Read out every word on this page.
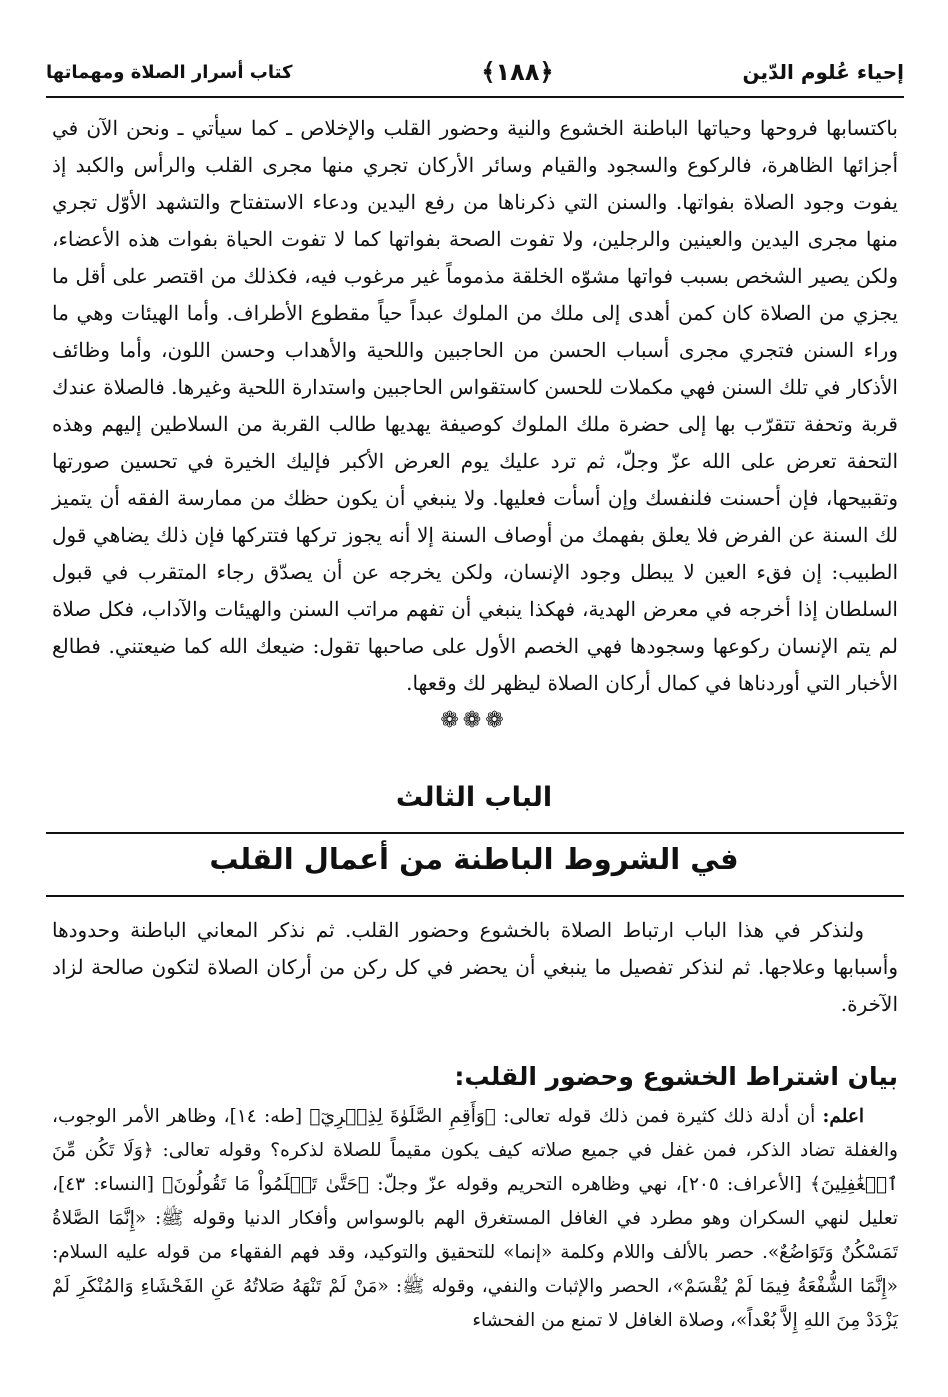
إحياء عُلوم الدّين
﴿١٨٨﴾
كتاب أسرار الصلاة ومهماتها
باكتسابها فروحها وحياتها الباطنة الخشوع والنية وحضور القلب والإخلاص ـ كما سيأتي ـ ونحن الآن في أجزائها الظاهرة، فالركوع والسجود والقيام وسائر الأركان تجري منها مجرى القلب والرأس والكبد إذ يفوت وجود الصلاة بفواتها. والسنن التي ذكرناها من رفع اليدين ودعاء الاستفتاح والتشهد الأوّل تجري منها مجرى اليدين والعينين والرجلين، ولا تفوت الصحة بفواتها كما لا تفوت الحياة بفوات هذه الأعضاء، ولكن يصير الشخص بسبب فواتها مشوّه الخلقة مذموماً غير مرغوب فيه، فكذلك من اقتصر على أقل ما يجزي من الصلاة كان كمن أهدى إلى ملك من الملوك عبداً حياً مقطوع الأطراف. وأما الهيئات وهي ما وراء السنن فتجري مجرى أسباب الحسن من الحاجبين واللحية والأهداب وحسن اللون، وأما وظائف الأذكار في تلك السنن فهي مكملات للحسن كاستقواس الحاجبين واستدارة اللحية وغيرها. فالصلاة عندك قربة وتحفة تتقرّب بها إلى حضرة ملك الملوك كوصيفة يهديها طالب القربة من السلاطين إليهم وهذه التحفة تعرض على الله عزّ وجلّ، ثم ترد عليك يوم العرض الأكبر فإليك الخيرة في تحسين صورتها وتقبيحها، فإن أحسنت فلنفسك وإن أسأت فعليها. ولا ينبغي أن يكون حظك من ممارسة الفقه أن يتميز لك السنة عن الفرض فلا يعلق بفهمك من أوصاف السنة إلا أنه يجوز تركها فتتركها فإن ذلك يضاهي قول الطبيب: إن فقء العين لا يبطل وجود الإنسان، ولكن يخرجه عن أن يصدّق رجاء المتقرب في قبول السلطان إذا أخرجه في معرض الهدية، فهكذا ينبغي أن تفهم مراتب السنن والهيئات والآداب، فكل صلاة لم يتم الإنسان ركوعها وسجودها فهي الخصم الأول على صاحبها تقول: ضيعك الله كما ضيعتني. فطالع الأخبار التي أوردناها في كمال أركان الصلاة ليظهر لك وقعها.
❁❁❁
الباب الثالث
في الشروط الباطنة من أعمال القلب
ولنذكر في هذا الباب ارتباط الصلاة بالخشوع وحضور القلب. ثم نذكر المعاني الباطنة وحدودها وأسبابها وعلاجها. ثم لنذكر تفصيل ما ينبغي أن يحضر في كل ركن من أركان الصلاة لتكون صالحة لزاد الآخرة.
بيان اشتراط الخشوع وحضور القلب:
اعلم: أن أدلة ذلك كثيرة فمن ذلك قوله تعالى: ﴿وَأَقِمِ الصَّلَوٰةَ لِذِكۡرِيٓ﴾ [طه: ١٤]، وظاهر الأمر الوجوب، والغفلة تضاد الذكر، فمن غفل في جميع صلاته كيف يكون مقيماً للصلاة لذكره؟ وقوله تعالى: ﴿وَلَا تَكُن مِّنَ ٱلۡغَٰفِلِينَ﴾ [الأعراف: ٢٠٥]، نهي وظاهره التحريم وقوله عزّ وجلّ: ﴿حَتَّىٰ تَعۡلَمُواْ مَا تَقُولُونَ﴾ [النساء: ٤٣]، تعليل لنهي السكران وهو مطرد في الغافل المستغرق الهم بالوسواس وأفكار الدنيا وقوله ﷺ: «إِنَّمَا الصَّلاةُ تَمَسْكُنٌ وَتَوَاضُعٌ». حصر بالألف واللام وكلمة «إنما» للتحقيق والتوكيد، وقد فهم الفقهاء من قوله عليه السلام: «إِنَّمَا الشُّفْعَةُ فِيمَا لَمْ يُقْسَمْ»، الحصر والإثبات والنفي، وقوله ﷺ: «مَنْ لَمْ تَنْهَهُ صَلاتُهُ عَنِ الفَحْشَاءِ وَالمُنْكَرِ لَمْ يَزْدَدْ مِنَ اللهِ إِلاَّ بُعْداً»، وصلاة الغافل لا تمنع من الفحشاء
